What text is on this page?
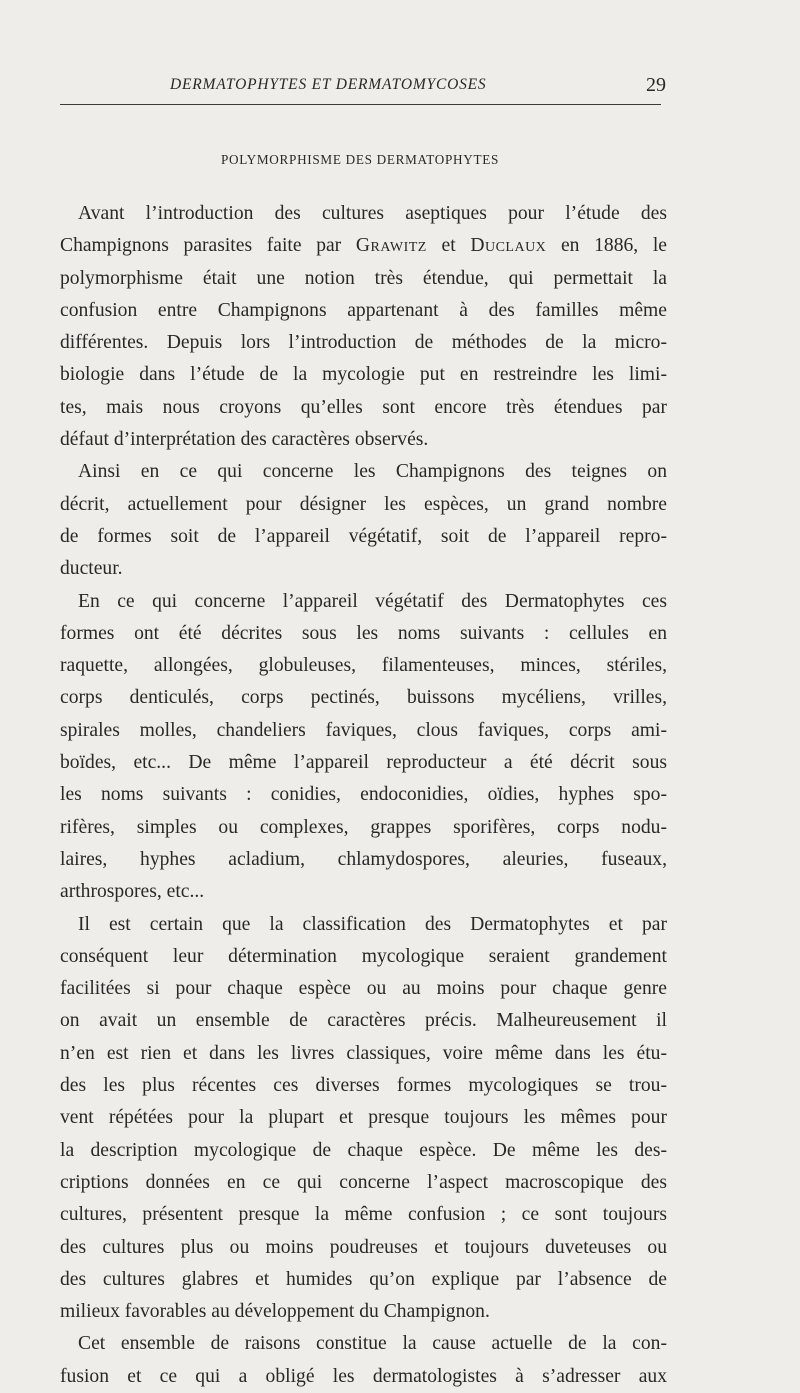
DERMATOPHYTES ET DERMATOMYCOSES	29
POLYMORPHISME DES DERMATOPHYTES
Avant l’introduction des cultures aseptiques pour l’étude des
Champignons parasites faite par Grawitz et Duclaux en 1886, le
polymorphisme était une notion très étendue, qui permettait la
confusion entre Champignons appartenant à des familles même
différentes. Depuis lors l’introduction de méthodes de la micro-
biologie dans l’étude de la mycologie put en restreindre les limi-
tes, mais nous croyons qu’elles sont encore très étendues par
défaut d’interprétation des caractères observés.
Ainsi en ce qui concerne les Champignons des teignes on
décrit, actuellement pour désigner les espèces, un grand nombre
de formes soit de l’appareil végétatif, soit de l’appareil repro-
ducteur.
En ce qui concerne l’appareil végétatif des Dermatophytes ces
formes ont été décrites sous les noms suivants : cellules en
raquette, allongées, globuleuses, filamenteuses, minces, stériles,
corps denticulés, corps pectinés, buissons mycéliens, vrilles,
spirales molles, chandeliers faviques, clous faviques, corps ami-
boïdes, etc... De même l’appareil reproducteur a été décrit sous
les noms suivants : conidies, endoconidies, oïdies, hyphes spo-
rifères, simples ou complexes, grappes sporifères, corps nodu-
laires, hyphes acladium, chlamydospores, aleuries, fuseaux,
arthrospores, etc...
Il est certain que la classification des Dermatophytes et par
conséquent leur détermination mycologique seraient grandement
facilitées si pour chaque espèce ou au moins pour chaque genre
on avait un ensemble de caractères précis. Malheureusement il
n’en est rien et dans les livres classiques, voire même dans les étu-
des les plus récentes ces diverses formes mycologiques se trou-
vent répétées pour la plupart et presque toujours les mêmes pour
la description mycologique de chaque espèce. De même les des-
criptions données en ce qui concerne l’aspect macroscopique des
cultures, présentent presque la même confusion ; ce sont toujours
des cultures plus ou moins poudreuses et toujours duveteuses ou
des cultures glabres et humides qu’on explique par l’absence de
milieux favorables au développement du Champignon.
Cet ensemble de raisons constitue la cause actuelle de la con-
fusion et ce qui a obligé les dermatologistes à s’adresser aux
